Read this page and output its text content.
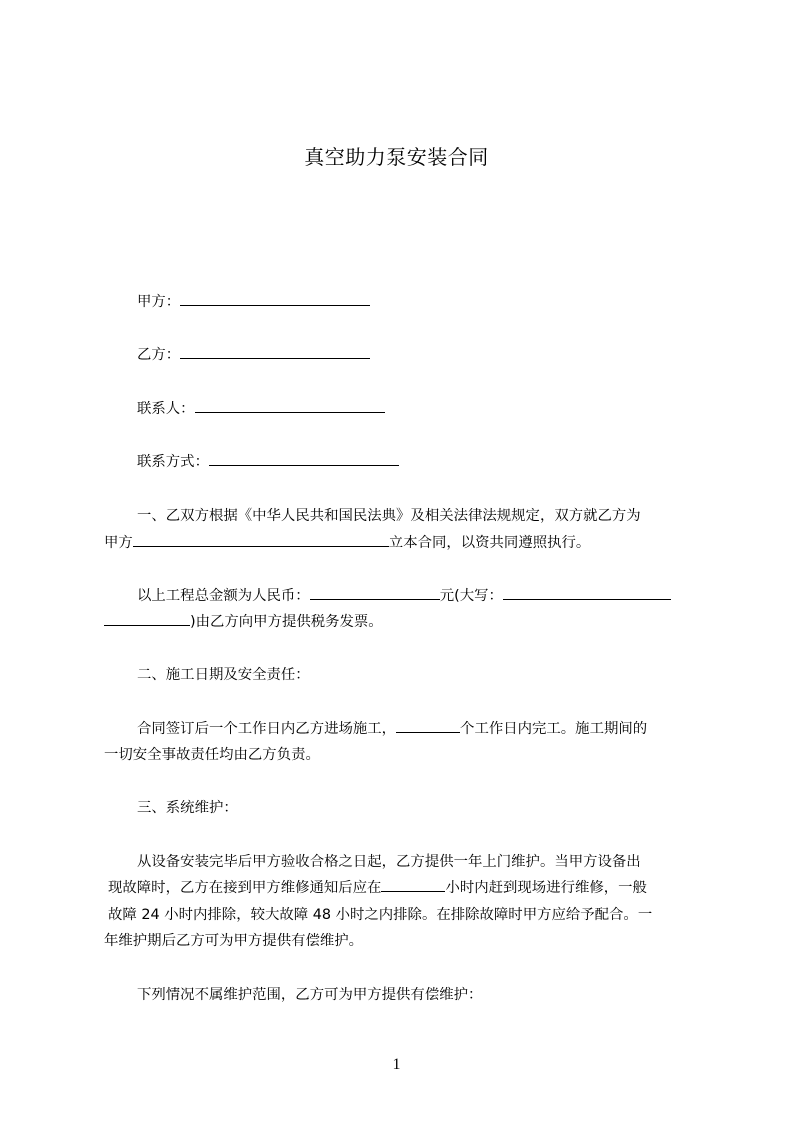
真空助力泵安装合同
甲方：
乙方：
联系人：
联系方式：
一、乙双方根据《中华人民共和国民法典》及相关法律法规规定，双方就乙方为
甲方	立本合同，以资共同遵照执行。
以上工程总金额为人民币：	元(大写：
)由乙方向甲方提供税务发票。
二、施工日期及安全责任：
合同签订后一个工作日内乙方进场施工，	个工作日内完工。施工期间的
一切安全事故责任均由乙方负责。
三、系统维护：
从设备安装完毕后甲方验收合格之日起，乙方提供一年上门维护。当甲方设备出
现故障时，乙方在接到甲方维修通知后应在	小时内赶到现场进行维修，一般
故障 24 小时内排除，较大故障 48 小时之内排除。在排除故障时甲方应给予配合。一
年维护期后乙方可为甲方提供有偿维护。
下列情况不属维护范围，乙方可为甲方提供有偿维护：
1
